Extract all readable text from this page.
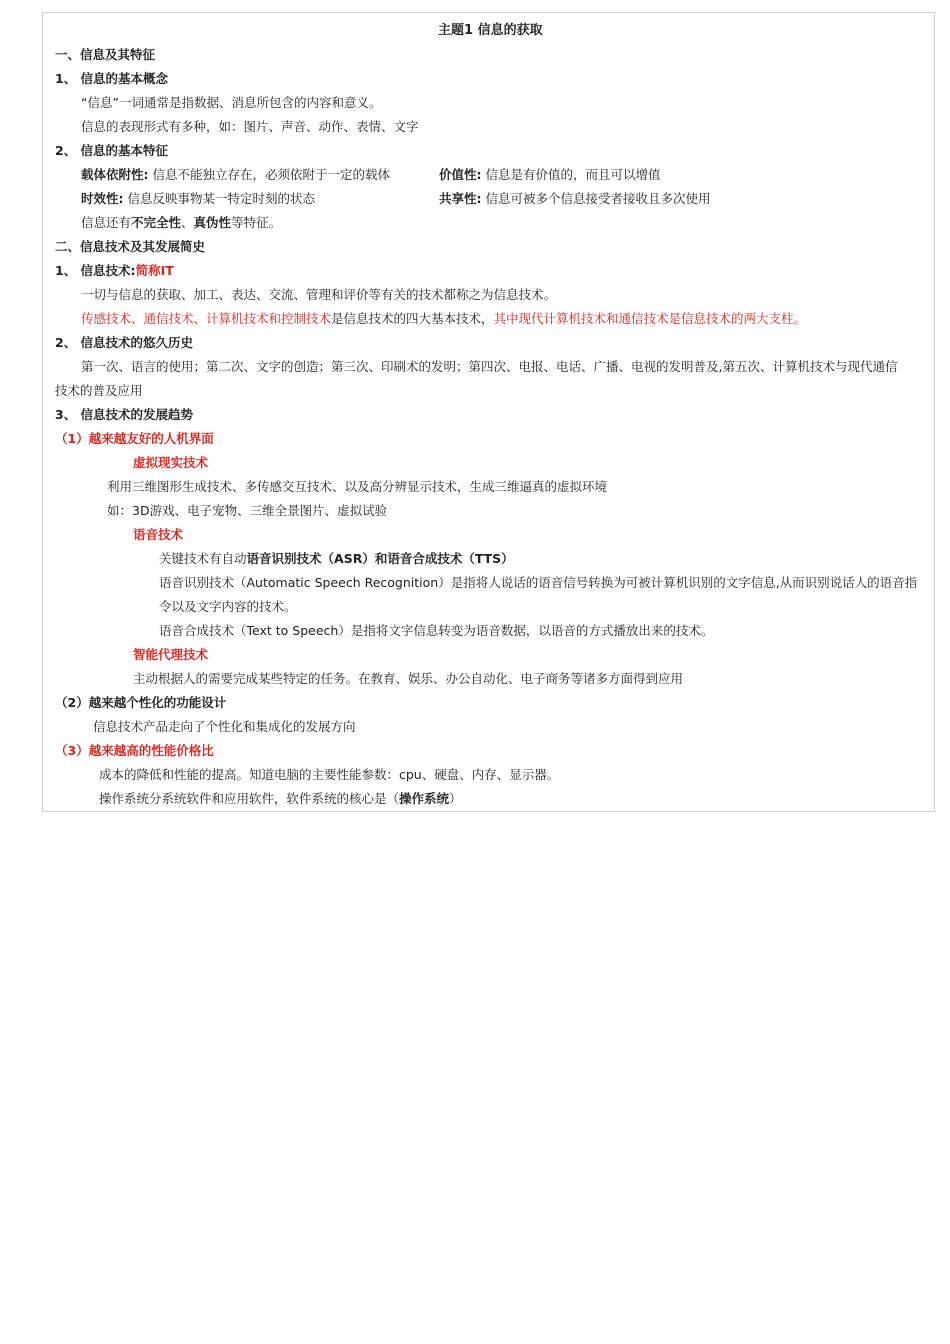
主题1 信息的获取
一、信息及其特征
1、 信息的基本概念
“信息”一词通常是指数据、消息所包含的内容和意义。
信息的表现形式有多种，如：图片、声音、动作、表情、文字
2、 信息的基本特征
载体依附性: 信息不能独立存在，必须依附于一定的载体	价值性: 信息是有价值的，而且可以增值
时效性: 信息反映事物某一特定时刻的状态	共享性: 信息可被多个信息接受者接收且多次使用
信息还有不完全性、真伪性等特征。
二、信息技术及其发展简史
1、 信息技术:简称IT
一切与信息的获取、加工、表达、交流、管理和评价等有关的技术都称之为信息技术。
传感技术、通信技术、计算机技术和控制技术是信息技术的四大基本技术，其中现代计算机技术和通信技术是信息技术的两大支柱。
2、 信息技术的悠久历史
第一次、语言的使用；第二次、文字的创造；第三次、印刷术的发明；第四次、电报、电话、广播、电视的发明普及,第五次、计算机技术与现代通信
技术的普及应用
3、 信息技术的发展趋势
（1）越来越友好的人机界面
虚拟现实技术
利用三维图形生成技术、多传感交互技术、以及高分辨显示技术，生成三维逼真的虚拟环境
如：3D游戏、电子宠物、三维全景图片、虚拟试验
语音技术
关键技术有自动语音识别技术（ASR）和语音合成技术（TTS）
语音识别技术（Automatic Speech Recognition）是指将人说话的语音信号转换为可被计算机识别的文字信息,从而识别说话人的语音指
令以及文字内容的技术。
语音合成技术（Text to Speech）是指将文字信息转变为语音数据，以语音的方式播放出来的技术。
智能代理技术
主动根据人的需要完成某些特定的任务。在教育、娱乐、办公自动化、电子商务等诸多方面得到应用
（2）越来越个性化的功能设计
信息技术产品走向了个性化和集成化的发展方向
（3）越来越高的性能价格比
成本的降低和性能的提高。知道电脑的主要性能参数：cpu、硬盘、内存、显示器。
操作系统分系统软件和应用软件，软件系统的核心是（操作系统）
